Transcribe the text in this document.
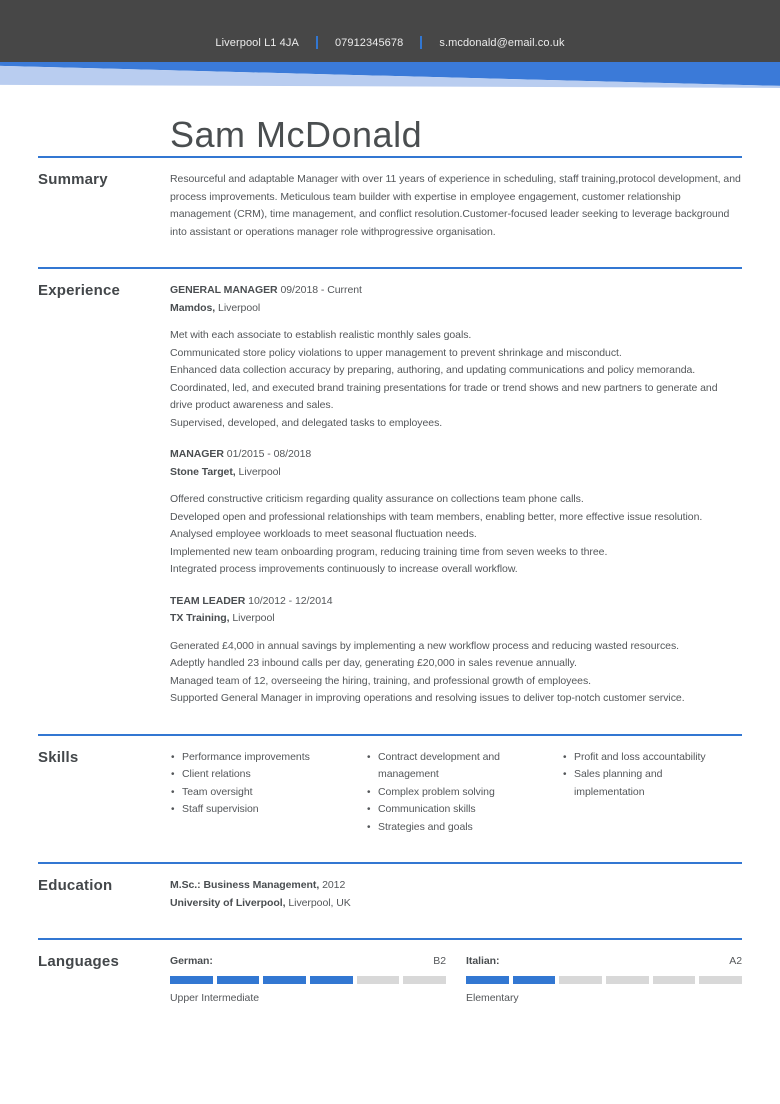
Liverpool L1 4JA	07912345678	s.mcdonald@email.co.uk
Sam McDonald
Summary	Resourceful and adaptable Manager with over 11 years of experience in scheduling, staff training,protocol development, and process improvements. Meticulous team builder with expertise in employee engagement, customer relationship management (CRM), time management, and conflict resolution.Customer-focused leader seeking to leverage background into assistant or operations manager role withprogressive organisation.
Experience	GENERAL MANAGER 09/2018 - Current
Mamdos, Liverpool
Met with each associate to establish realistic monthly sales goals.
Communicated store policy violations to upper management to prevent shrinkage and misconduct.
Enhanced data collection accuracy by preparing, authoring, and updating communications and policy memoranda.
Coordinated, led, and executed brand training presentations for trade or trend shows and new partners to generate and drive product awareness and sales.
Supervised, developed, and delegated tasks to employees.
MANAGER 01/2015 - 08/2018
Stone Target, Liverpool
Offered constructive criticism regarding quality assurance on collections team phone calls.
Developed open and professional relationships with team members, enabling better, more effective issue resolution.
Analysed employee workloads to meet seasonal fluctuation needs.
Implemented new team onboarding program, reducing training time from seven weeks to three.
Integrated process improvements continuously to increase overall workflow.
TEAM LEADER 10/2012 - 12/2014
TX Training, Liverpool
Generated £4,000 in annual savings by implementing a new workflow process and reducing wasted resources.
Adeptly handled 23 inbound calls per day, generating £20,000 in sales revenue annually.
Managed team of 12, overseeing the hiring, training, and professional growth of employees.
Supported General Manager in improving operations and resolving issues to deliver top-notch customer service.
Skills	• Performance improvements
• Client relations
• Team oversight
• Staff supervision
• Contract development and management
• Complex problem solving
• Communication skills
• Strategies and goals
• Profit and loss accountability
• Sales planning and implementation
Education	M.Sc.: Business Management, 2012
University of Liverpool, Liverpool, UK
Languages	German:	B2
Upper Intermediate
Italian:	A2
Elementary
